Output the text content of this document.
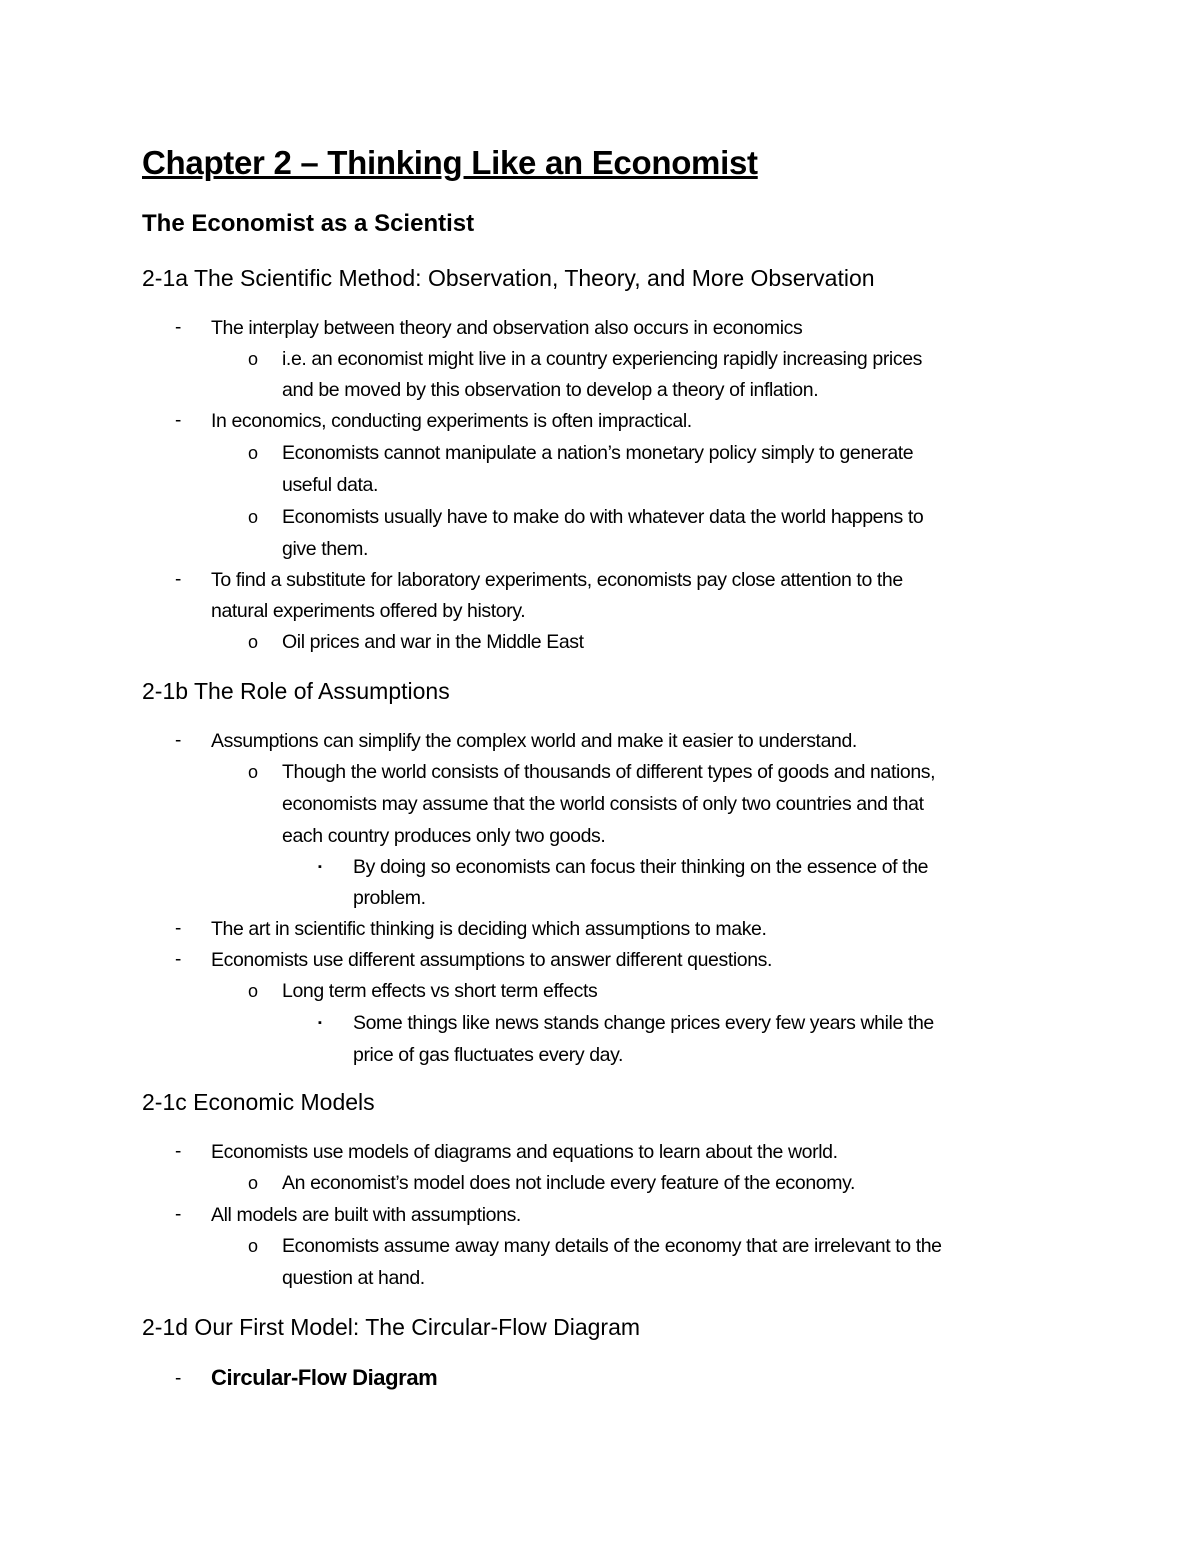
Chapter 2 – Thinking Like an Economist
The Economist as a Scientist
2-1a The Scientific Method: Observation, Theory, and More Observation
- The interplay between theory and observation also occurs in economics
o i.e. an economist might live in a country experiencing rapidly increasing prices
and be moved by this observation to develop a theory of inflation.
- In economics, conducting experiments is often impractical.
o Economists cannot manipulate a nation’s monetary policy simply to generate
useful data.
o Economists usually have to make do with whatever data the world happens to
give them.
- To find a substitute for laboratory experiments, economists pay close attention to the
natural experiments offered by history.
o Oil prices and war in the Middle East
2-1b The Role of Assumptions
- Assumptions can simplify the complex world and make it easier to understand.
o Though the world consists of thousands of different types of goods and nations,
economists may assume that the world consists of only two countries and that
each country produces only two goods.
▪ By doing so economists can focus their thinking on the essence of the
problem.
- The art in scientific thinking is deciding which assumptions to make.
- Economists use different assumptions to answer different questions.
o Long term effects vs short term effects
▪ Some things like news stands change prices every few years while the
price of gas fluctuates every day.
2-1c Economic Models
- Economists use models of diagrams and equations to learn about the world.
o An economist’s model does not include every feature of the economy.
- All models are built with assumptions.
o Economists assume away many details of the economy that are irrelevant to the
question at hand.
2-1d Our First Model: The Circular-Flow Diagram
- Circular-Flow Diagram
